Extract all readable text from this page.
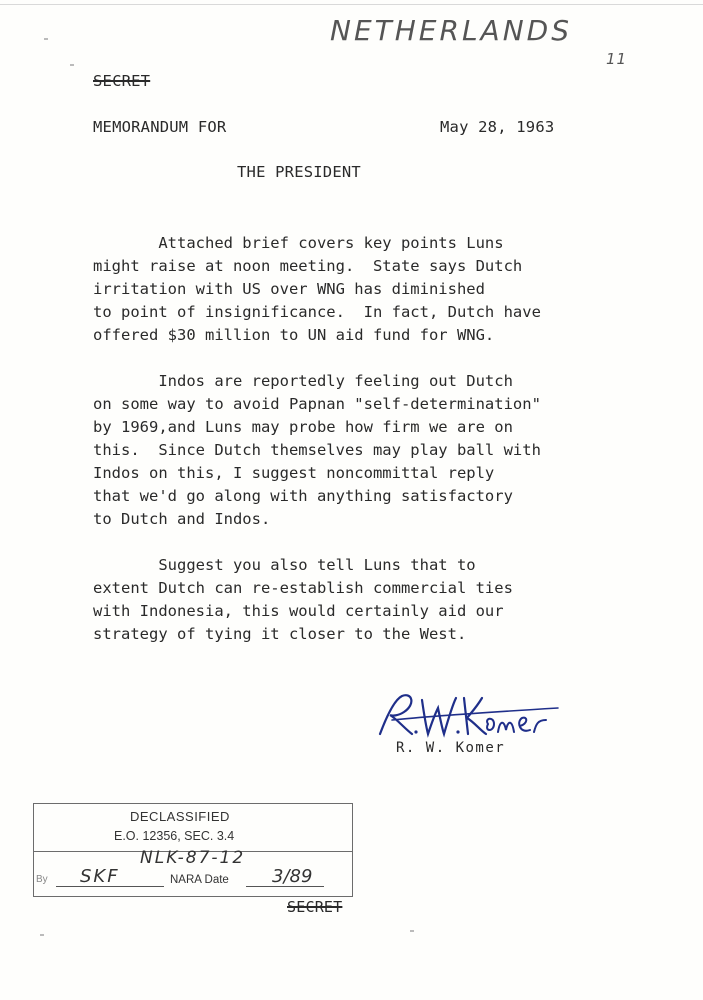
NETHERLANDS
11
SECRET
MEMORANDUM FOR	May 28, 1963
THE PRESIDENT
Attached brief covers key points Luns
might raise at noon meeting.  State says Dutch
irritation with US over WNG has diminished
to point of insignificance.  In fact, Dutch have
offered $30 million to UN aid fund for WNG.
Indos are reportedly feeling out Dutch
on some way to avoid Papnan "self-determination"
by 1969,and Luns may probe how firm we are on
this.  Since Dutch themselves may play ball with
Indos on this, I suggest noncommittal reply
that we'd go along with anything satisfactory
to Dutch and Indos.
Suggest you also tell Luns that to
extent Dutch can re-establish commercial ties
with Indonesia, this would certainly aid our
strategy of tying it closer to the West.
R. W. Komer
DECLASSIFIED
E.O. 12356, SEC. 3.4
NLK-87-12
By SKF	NARA Date 3/89
SECRET
